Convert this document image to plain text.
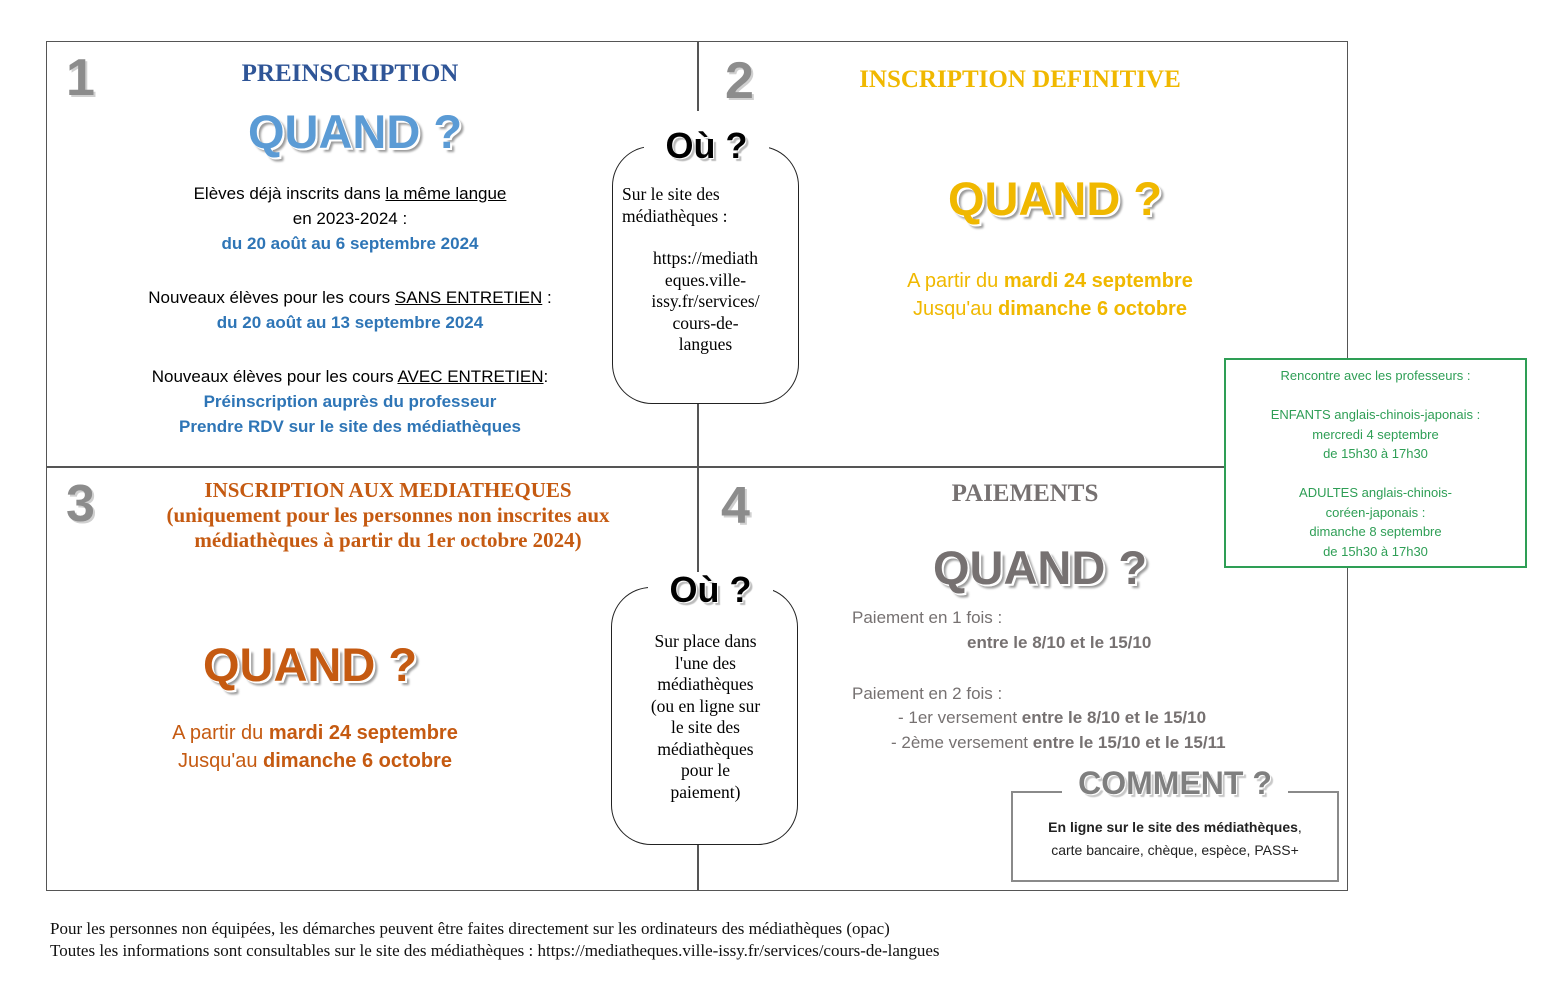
1	PREINSCRIPTION
QUAND ?
Elèves déjà inscrits dans la même langue
en 2023-2024 :
du 20 août au 6 septembre 2024
Nouveaux élèves pour les cours SANS ENTRETIEN :
du 20 août au 13 septembre 2024
Nouveaux élèves pour les cours AVEC ENTRETIEN:
Préinscription auprès du professeur
Prendre RDV sur le site des médiathèques
Où ?
Sur le site des médiathèques :
https://mediath
eques.ville-
issy.fr/services/
cours-de-
langues
2	INSCRIPTION DEFINITIVE
QUAND ?
A partir du mardi 24 septembre
Jusqu'au dimanche 6 octobre
Rencontre avec les professeurs :
ENFANTS anglais-chinois-japonais :
mercredi 4 septembre
de 15h30 à 17h30
ADULTES anglais-chinois-
coréen-japonais :
dimanche 8 septembre
de 15h30 à 17h30
3	INSCRIPTION AUX MEDIATHEQUES
(uniquement pour les personnes non inscrites aux
médiathèques à partir du 1er octobre 2024)
QUAND ?
A partir du mardi 24 septembre
Jusqu'au dimanche 6 octobre
Où ?
Sur place dans
l'une des
médiathèques
(ou en ligne sur
le site des
médiathèques
pour le
paiement)
4	PAIEMENTS
QUAND ?
Paiement en 1 fois :
entre le 8/10 et le 15/10
Paiement en 2 fois :
- 1er versement entre le 8/10 et le 15/10
- 2ème versement entre le 15/10 et le 15/11
COMMENT ?
En ligne sur le site des médiathèques,
carte bancaire, chèque, espèce, PASS+
Pour les personnes non équipées, les démarches peuvent être faites directement sur les ordinateurs des médiathèques (opac)
Toutes les informations sont consultables sur le site des médiathèques : https://mediatheques.ville-issy.fr/services/cours-de-langues
